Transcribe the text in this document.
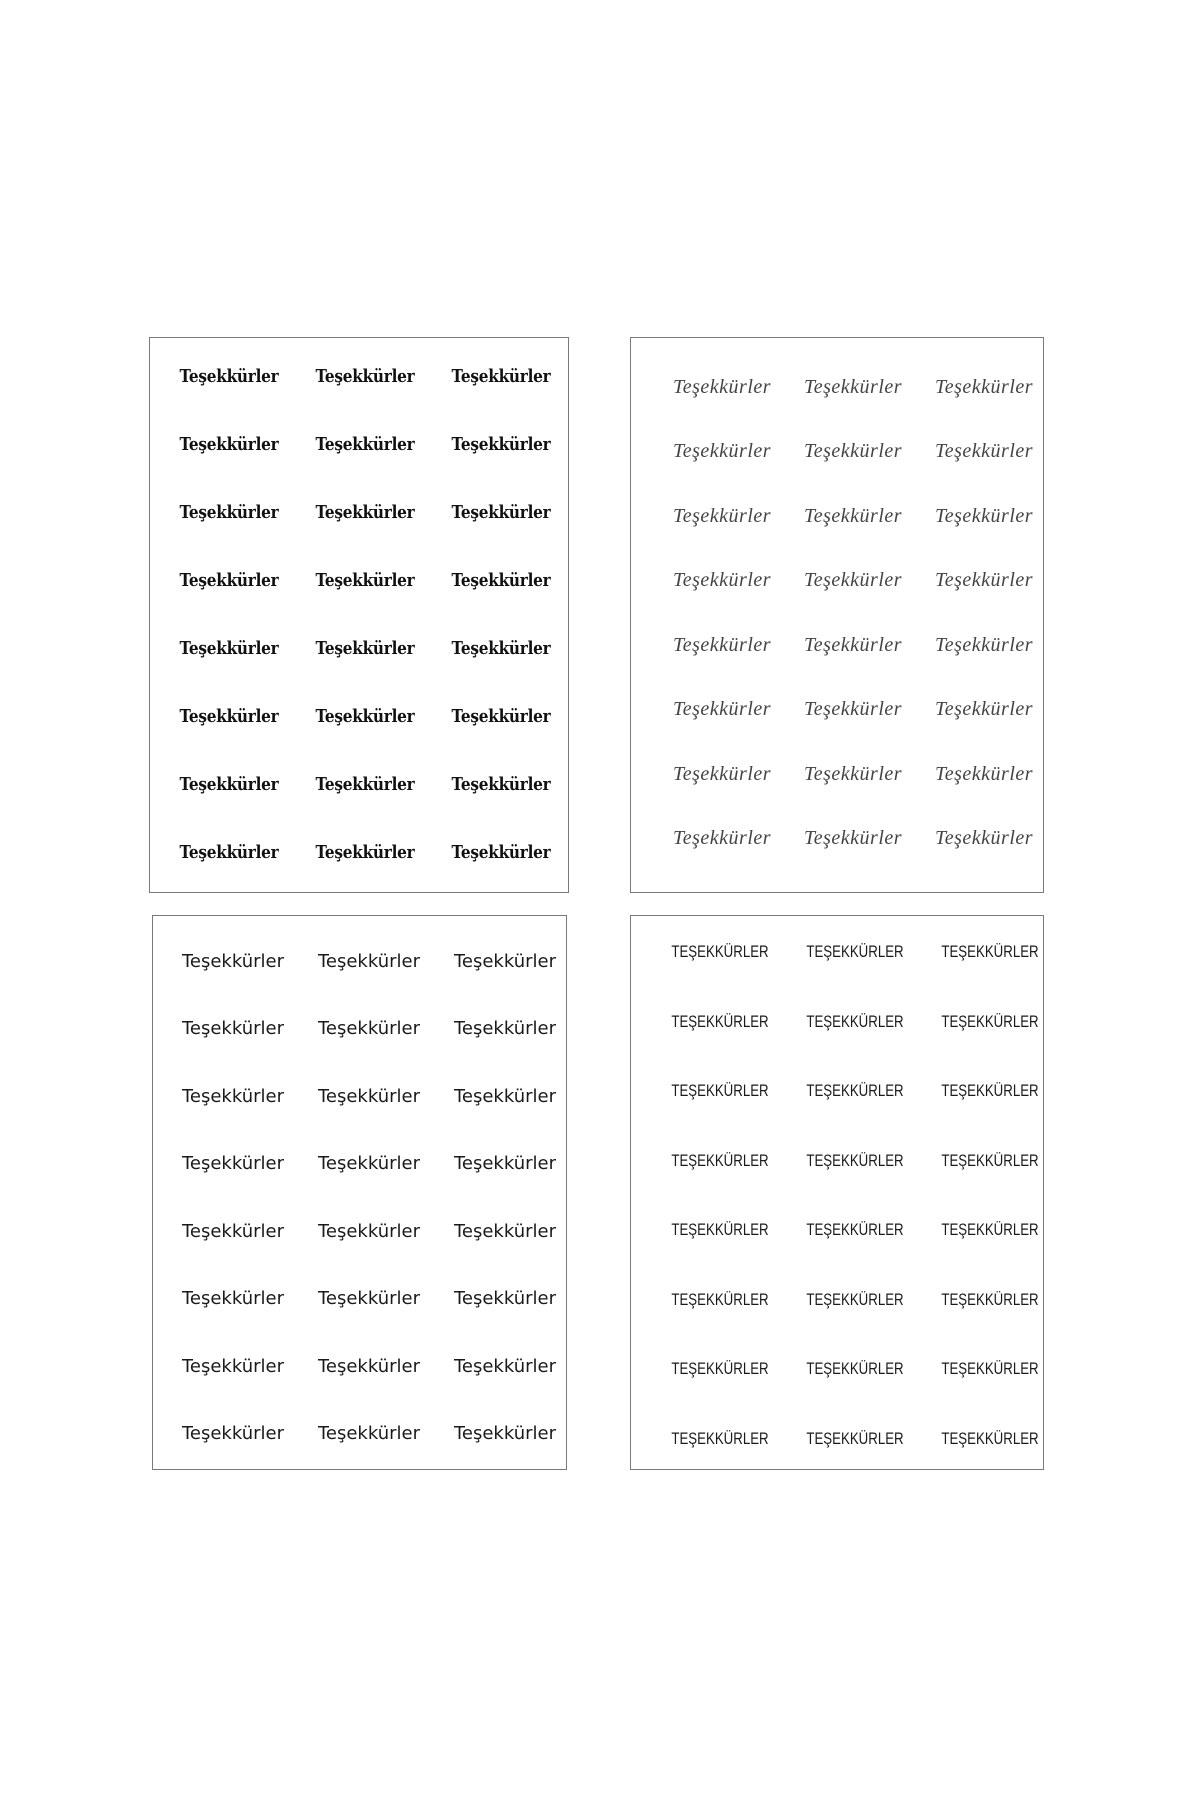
Teşekkürler	Teşekkürler	Teşekkürler
Teşekkürler	Teşekkürler	Teşekkürler
Teşekkürler	Teşekkürler	Teşekkürler
Teşekkürler	Teşekkürler	Teşekkürler
Teşekkürler	Teşekkürler	Teşekkürler
Teşekkürler	Teşekkürler	Teşekkürler
Teşekkürler	Teşekkürler	Teşekkürler
Teşekkürler	Teşekkürler	Teşekkürler
Teşekkürler	Teşekkürler	Teşekkürler
Teşekkürler	Teşekkürler	Teşekkürler
Teşekkürler	Teşekkürler	Teşekkürler
Teşekkürler	Teşekkürler	Teşekkürler
Teşekkürler	Teşekkürler	Teşekkürler
Teşekkürler	Teşekkürler	Teşekkürler
Teşekkürler	Teşekkürler	Teşekkürler
Teşekkürler	Teşekkürler	Teşekkürler
Teşekkürler	Teşekkürler	Teşekkürler
Teşekkürler	Teşekkürler	Teşekkürler
Teşekkürler	Teşekkürler	Teşekkürler
Teşekkürler	Teşekkürler	Teşekkürler
Teşekkürler	Teşekkürler	Teşekkürler
Teşekkürler	Teşekkürler	Teşekkürler
Teşekkürler	Teşekkürler	Teşekkürler
Teşekkürler	Teşekkürler	Teşekkürler
TEŞEKKÜRLER	TEŞEKKÜRLER	TEŞEKKÜRLER
TEŞEKKÜRLER	TEŞEKKÜRLER	TEŞEKKÜRLER
TEŞEKKÜRLER	TEŞEKKÜRLER	TEŞEKKÜRLER
TEŞEKKÜRLER	TEŞEKKÜRLER	TEŞEKKÜRLER
TEŞEKKÜRLER	TEŞEKKÜRLER	TEŞEKKÜRLER
TEŞEKKÜRLER	TEŞEKKÜRLER	TEŞEKKÜRLER
TEŞEKKÜRLER	TEŞEKKÜRLER	TEŞEKKÜRLER
TEŞEKKÜRLER	TEŞEKKÜRLER	TEŞEKKÜRLER
